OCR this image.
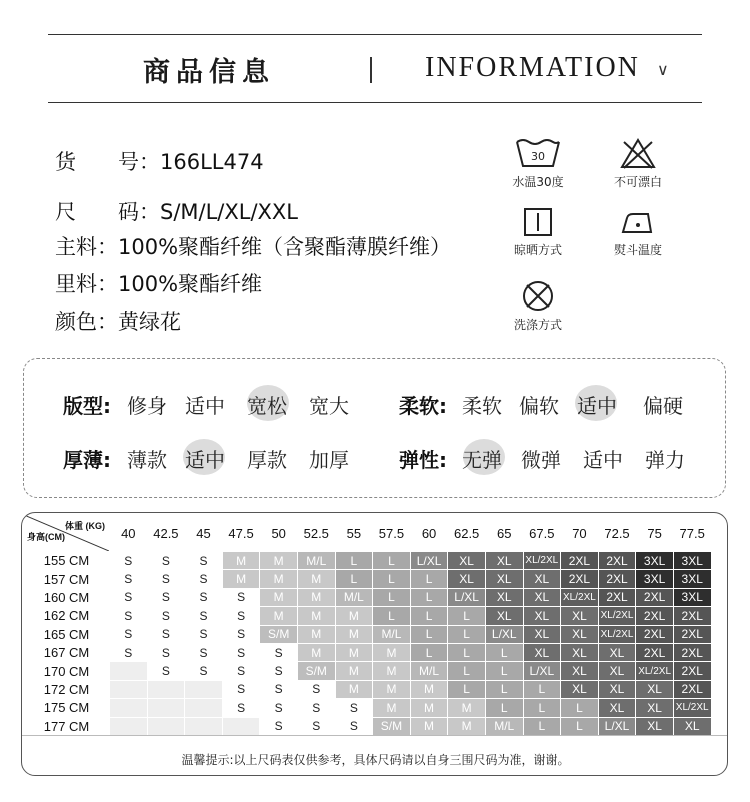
商品信息	INFORMATION ∨
货　　号：166LL474
尺　　码：S/M/L/XL/XXL
主料：100%聚酯纤维（含聚酯薄膜纤维）
里料：100%聚酯纤维
颜色：黄绿花
30
水温30度	不可漂白
晾晒方式	熨斗温度
洗涤方式
版型: 修身 适中 宽松 宽大	柔软: 柔软 偏软 适中 偏硬
厚薄: 薄款 适中 厚款 加厚	弹性: 无弹 微弹 适中 弹力
体重 (KG)
身高(CM)	40	42.5	45	47.5	50	52.5	55	57.5	60	62.5	65	67.5	70	72.5	75	77.5
155 CM	S	S	S	M	M	M/L	L	L	L/XL	XL	XL	XL/2XL	2XL	2XL	3XL	3XL
157 CM	S	S	S	M	M	M	L	L	L	XL	XL	XL	2XL	2XL	3XL	3XL
160 CM	S	S	S	S	M	M	M/L	L	L	L/XL	XL	XL	XL/2XL	2XL	2XL	3XL
162 CM	S	S	S	S	M	M	M	L	L	L	XL	XL	XL	XL/2XL	2XL	2XL
165 CM	S	S	S	S	S/M	M	M	M/L	L	L	L/XL	XL	XL	XL/2XL	2XL	2XL
167 CM	S	S	S	S	S	M	M	M	L	L	L	XL	XL	XL	2XL	2XL
170 CM		S	S	S	S	S/M	M	M	M/L	L	L	L/XL	XL	XL	XL/2XL	2XL
172 CM				S	S	S	M	M	M	L	L	L	XL	XL	XL	2XL
175 CM				S	S	S	S	M	M	M	L	L	L	XL	XL	XL/2XL
177 CM					S	S	S	S/M	M	M	M/L	L	L	L/XL	XL	XL
温馨提示:以上尺码表仅供参考，具体尺码请以自身三围尺码为准，谢谢。
